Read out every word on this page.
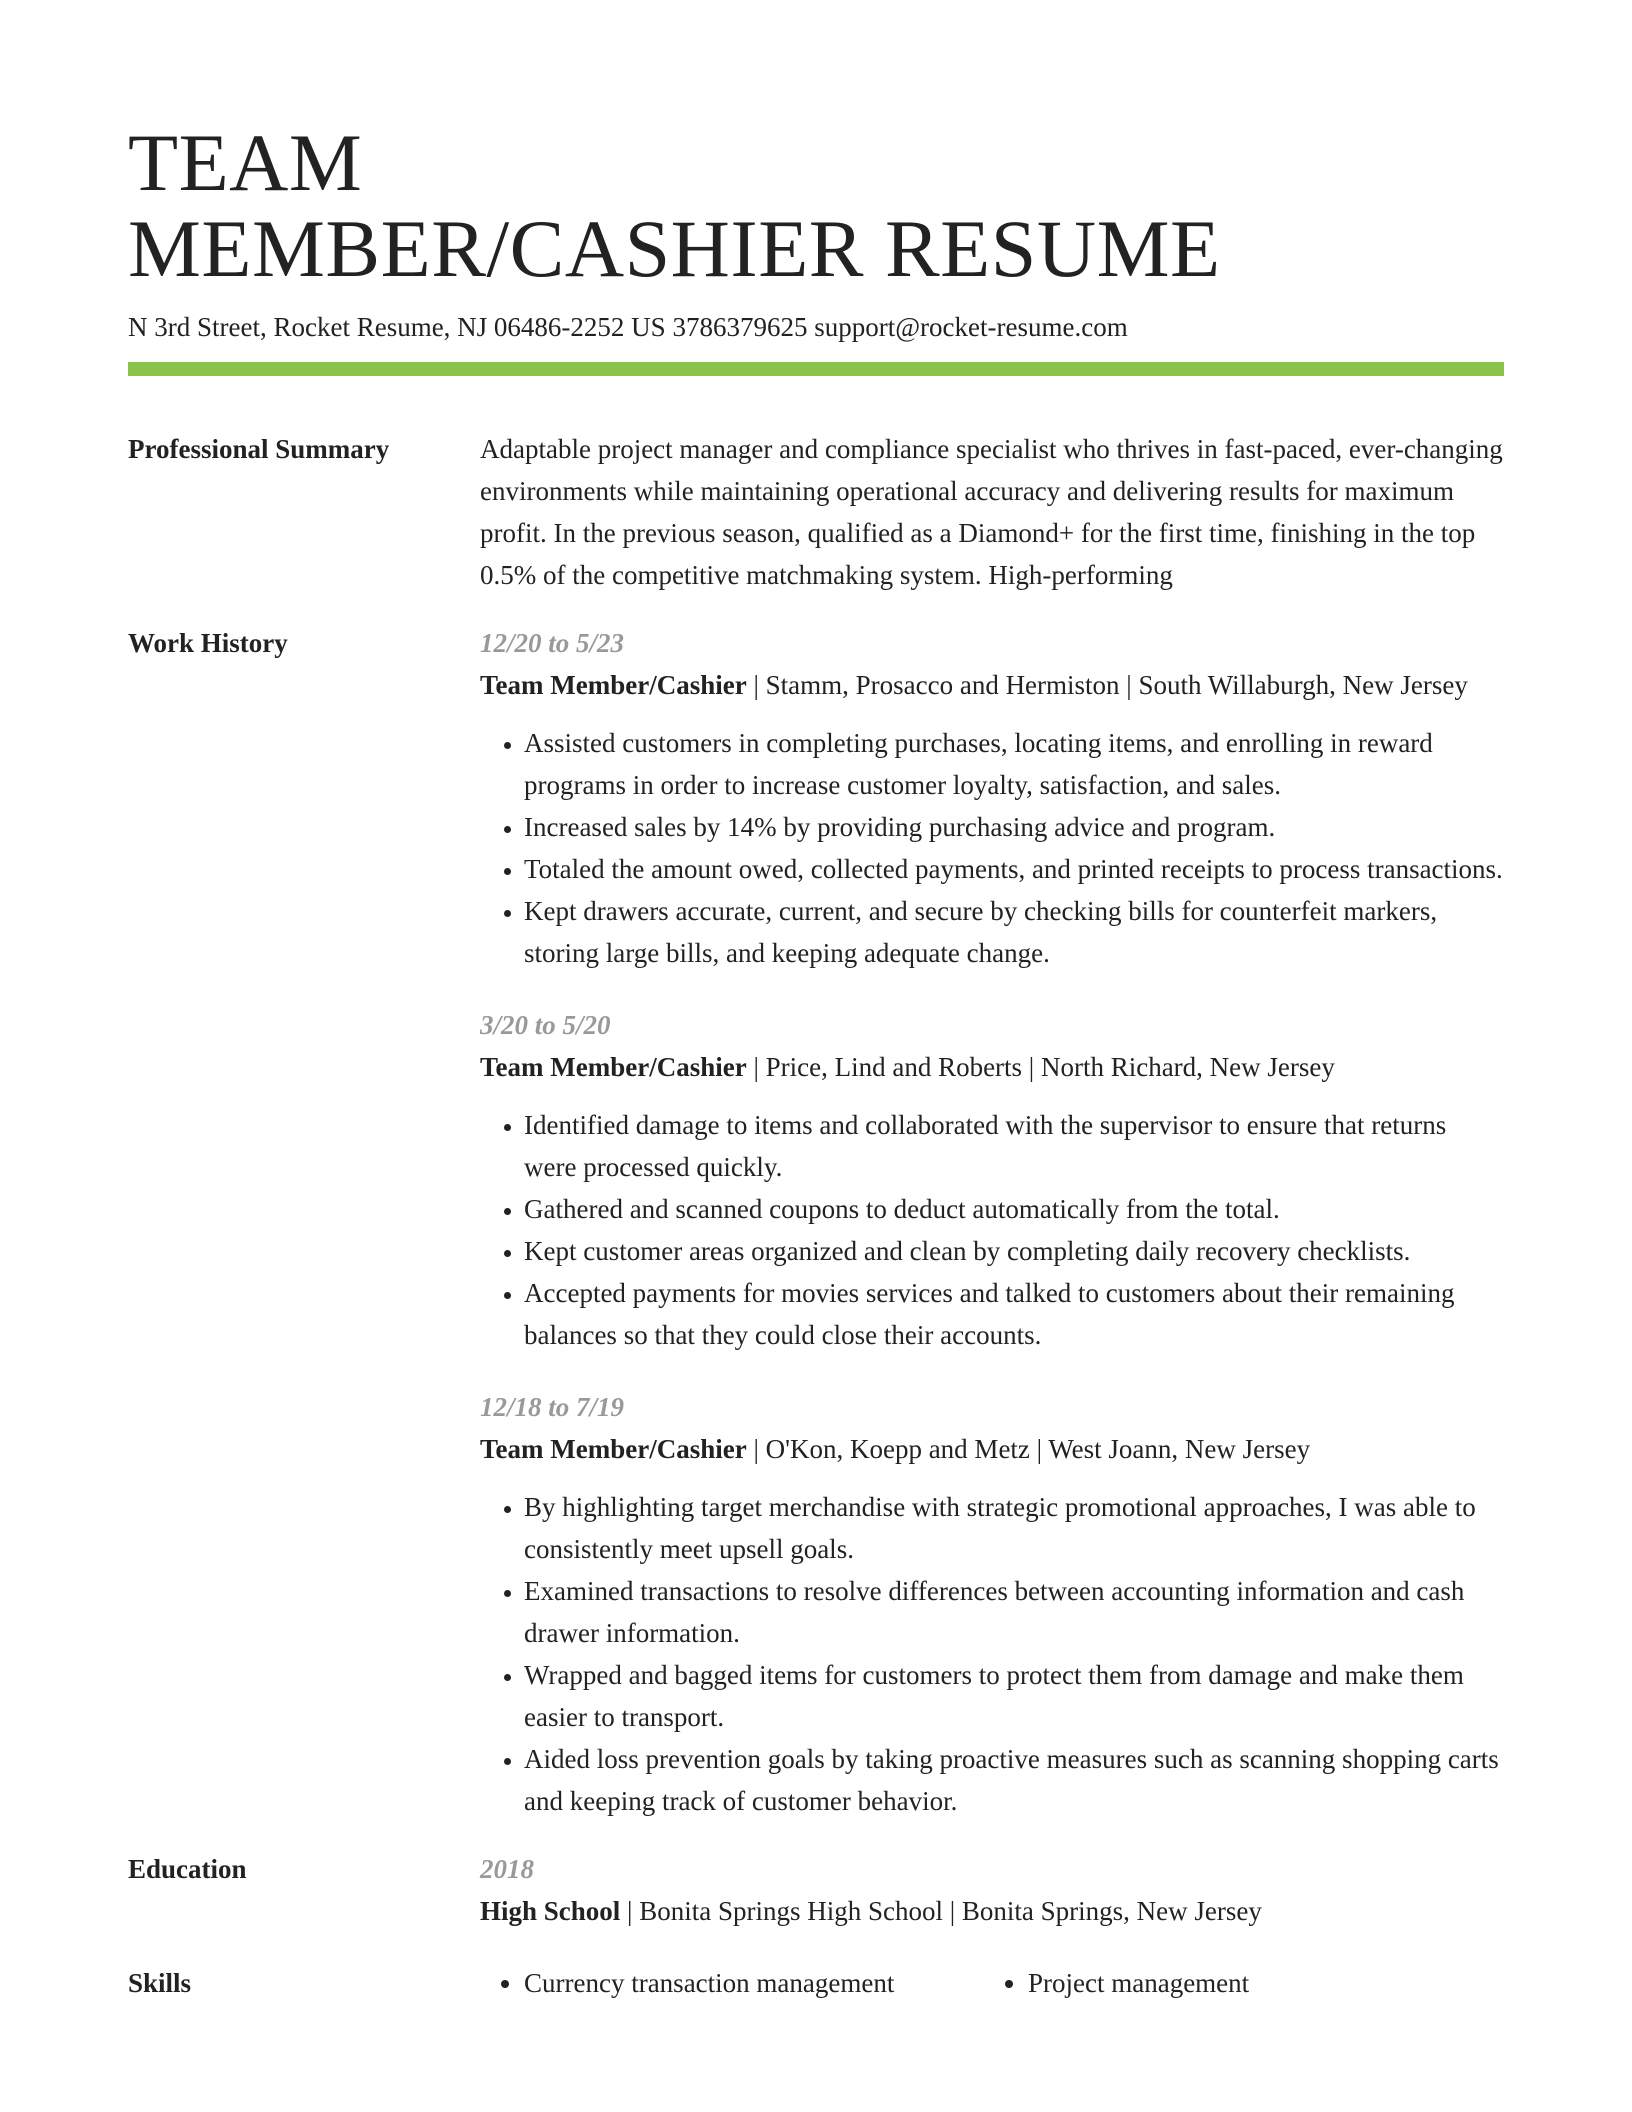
TEAM
MEMBER/CASHIER RESUME
N 3rd Street, Rocket Resume, NJ 06486-2252 US 3786379625 support@rocket-resume.com
Professional Summary	Adaptable project manager and compliance specialist who thrives in fast-paced, ever-changing environments while maintaining operational accuracy and delivering results for maximum profit. In the previous season, qualified as a Diamond+ for the first time, finishing in the top 0.5% of the competitive matchmaking system. High-performing

Work History	12/20 to 5/23
Team Member/Cashier | Stamm, Prosacco and Hermiston | South Willaburgh, New Jersey
• Assisted customers in completing purchases, locating items, and enrolling in reward programs in order to increase customer loyalty, satisfaction, and sales.
• Increased sales by 14% by providing purchasing advice and program.
• Totaled the amount owed, collected payments, and printed receipts to process transactions.
• Kept drawers accurate, current, and secure by checking bills for counterfeit markers, storing large bills, and keeping adequate change.
3/20 to 5/20
Team Member/Cashier | Price, Lind and Roberts | North Richard, New Jersey
• Identified damage to items and collaborated with the supervisor to ensure that returns were processed quickly.
• Gathered and scanned coupons to deduct automatically from the total.
• Kept customer areas organized and clean by completing daily recovery checklists.
• Accepted payments for movies services and talked to customers about their remaining balances so that they could close their accounts.
12/18 to 7/19
Team Member/Cashier | O'Kon, Koepp and Metz | West Joann, New Jersey
• By highlighting target merchandise with strategic promotional approaches, I was able to consistently meet upsell goals.
• Examined transactions to resolve differences between accounting information and cash drawer information.
• Wrapped and bagged items for customers to protect them from damage and make them easier to transport.
• Aided loss prevention goals by taking proactive measures such as scanning shopping carts and keeping track of customer behavior.
Education	2018
High School | Bonita Springs High School | Bonita Springs, New Jersey
Skills	• Currency transaction management	• Project management
